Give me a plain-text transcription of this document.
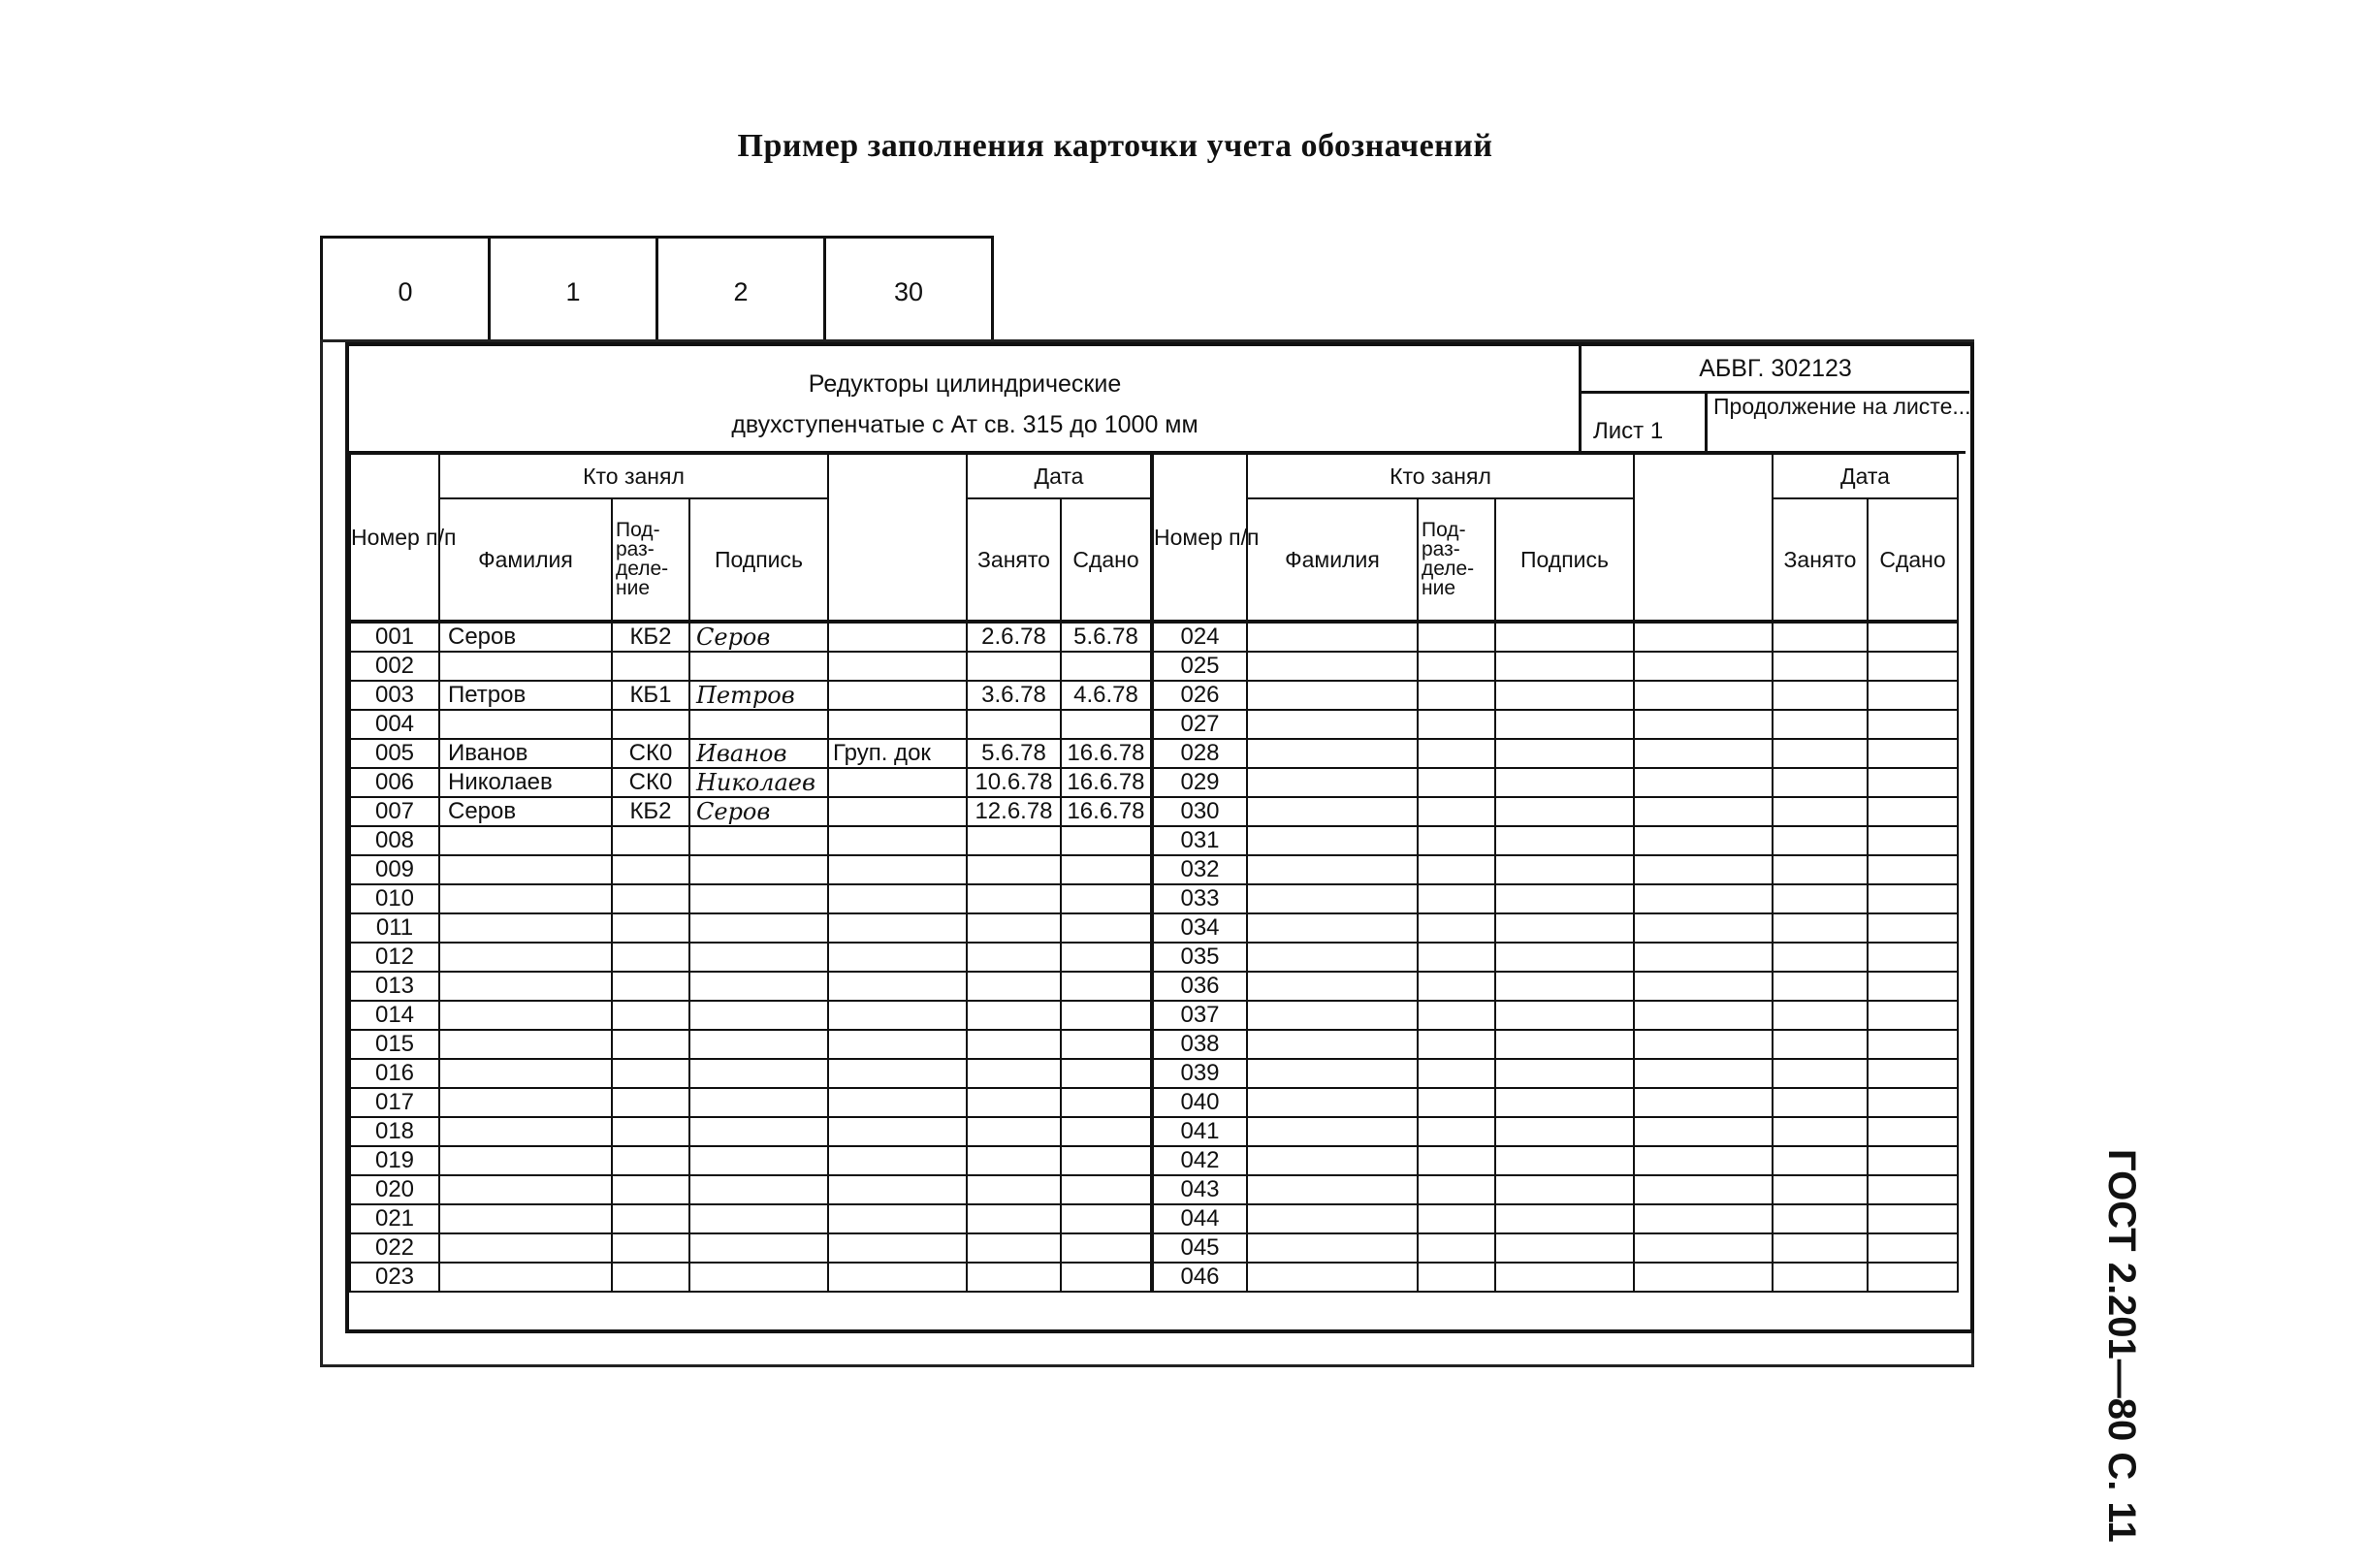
Пример заполнения карточки учета обозначений
ГОСТ 2.201—80 С. 11
0	1	2	30
Редукторы цилиндрические
двухступенчатые с Ат св. 315 до 1000 мм
АБВГ. 302123
Лист 1
Продолжение на листе...
Номер п/п	Кто занял				Дата		Номер п/п	Кто занял				Дата	
	Фамилия	Под-раз-деле-ние	Подпись		Занято	Сдано		Фамилия	Под-раз-деле-ние	Подпись		Занято	Сдано
001	Серов	КБ2	Серов		2.6.78	5.6.78	024						
002							025						
003	Петров	КБ1	Петров		3.6.78	4.6.78	026						
004							027						
005	Иванов	СК0	Иванов	Груп. док	5.6.78	16.6.78	028						
006	Николаев	СК0	Николаев		10.6.78	16.6.78	029						
007	Серов	КБ2	Серов		12.6.78	16.6.78	030						
008							031						
009							032						
010							033						
011							034						
012							035						
013							036						
014							037						
015							038						
016							039						
017							040						
018							041						
019							042						
020							043						
021							044						
022							045						
023							046						
